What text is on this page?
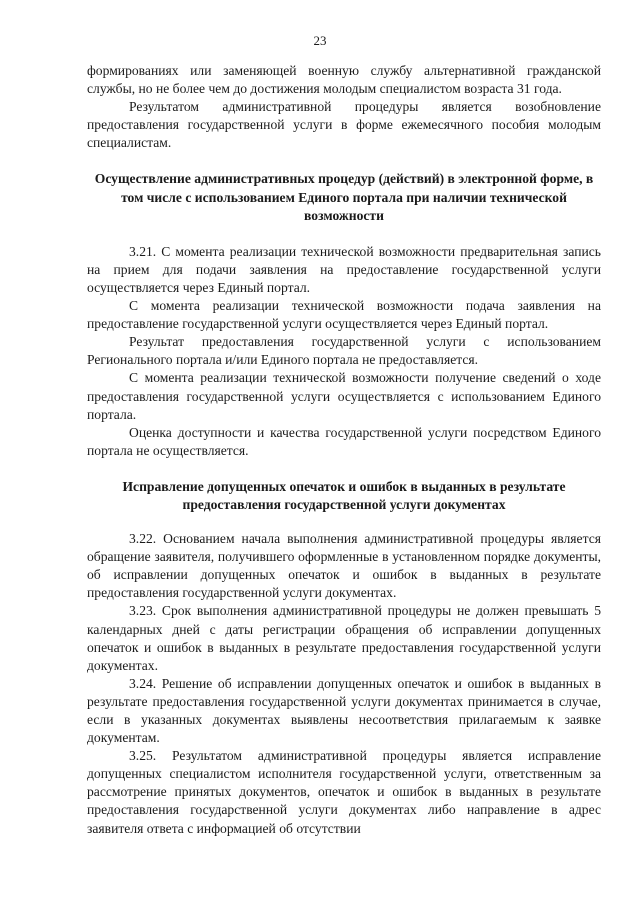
23

формированиях или заменяющей военную службу альтернативной гражданской службы, но не более чем до достижения молодым специалистом возраста 31 года.

Результатом административной процедуры является возобновление предоставления государственной услуги в форме ежемесячного пособия молодым специалистам.

Осуществление административных процедур (действий) в электронной форме, в том числе с использованием Единого портала при наличии технической возможности

3.21. С момента реализации технической возможности предварительная запись на прием для подачи заявления на предоставление государственной услуги осуществляется через Единый портал.

С момента реализации технической возможности подача заявления на предоставление государственной услуги осуществляется через Единый портал.

Результат предоставления государственной услуги с использованием Регионального портала и/или Единого портала не предоставляется.

С момента реализации технической возможности получение сведений о ходе предоставления государственной услуги осуществляется с использованием Единого портала.

Оценка доступности и качества государственной услуги посредством Единого портала не осуществляется.

Исправление допущенных опечаток и ошибок в выданных в результате предоставления государственной услуги документах

3.22. Основанием начала выполнения административной процедуры является обращение заявителя, получившего оформленные в установленном порядке документы, об исправлении допущенных опечаток и ошибок в выданных в результате предоставления государственной услуги документах.

3.23. Срок выполнения административной процедуры не должен превышать 5 календарных дней с даты регистрации обращения об исправлении допущенных опечаток и ошибок в выданных в результате предоставления государственной услуги документах.

3.24. Решение об исправлении допущенных опечаток и ошибок в выданных в результате предоставления государственной услуги документах принимается в случае, если в указанных документах выявлены несоответствия прилагаемым к заявке документам.

3.25. Результатом административной процедуры является исправление допущенных специалистом исполнителя государственной услуги, ответственным за рассмотрение принятых документов, опечаток и ошибок в выданных в результате предоставления государственной услуги документах либо направление в адрес заявителя ответа с информацией об отсутствии
